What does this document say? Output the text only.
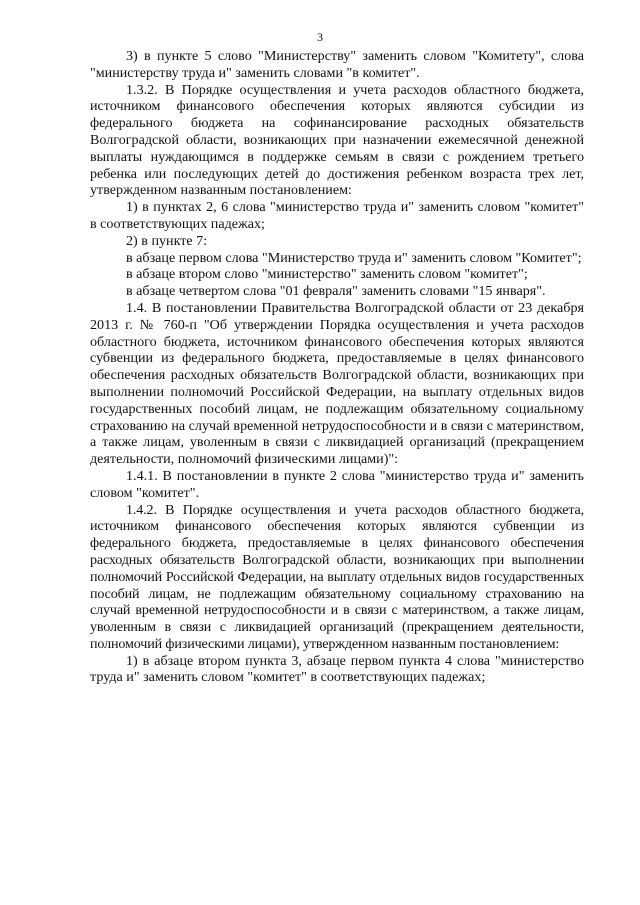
3

3) в пункте 5 слово "Министерству" заменить словом "Комитету", слова "министерству труда и" заменить словами "в комитет".

1.3.2. В Порядке осуществления и учета расходов областного бюджета, источником финансового обеспечения которых являются субсидии из федерального бюджета на софинансирование расходных обязательств Волгоградской области, возникающих при назначении ежемесячной денежной выплаты нуждающимся в поддержке семьям в связи с рождением третьего ребенка или последующих детей до достижения ребенком возраста трех лет, утвержденном названным постановлением:

1) в пунктах 2, 6 слова "министерство труда и" заменить словом "комитет" в соответствующих падежах;

2) в пункте 7:

в абзаце первом слова "Министерство труда и" заменить словом "Комитет";

в абзаце втором слово "министерство" заменить словом "комитет";

в абзаце четвертом слова "01 февраля" заменить словами "15 января".

1.4. В постановлении Правительства Волгоградской области от 23 декабря 2013 г. № 760-п "Об утверждении Порядка осуществления и учета расходов областного бюджета, источником финансового обеспечения которых являются субвенции из федерального бюджета, предоставляемые в целях финансового обеспечения расходных обязательств Волгоградской области, возникающих при выполнении полномочий Российской Федерации, на выплату отдельных видов государственных пособий лицам, не подлежащим обязательному социальному страхованию на случай временной нетрудоспособности и в связи с материнством, а также лицам, уволенным в связи с ликвидацией организаций (прекращением деятельности, полномочий физическими лицами)":

1.4.1. В постановлении в пункте 2 слова "министерство труда и" заменить словом "комитет".

1.4.2. В Порядке осуществления и учета расходов областного бюджета, источником финансового обеспечения которых являются субвенции из федерального бюджета, предоставляемые в целях финансового обеспечения расходных обязательств Волгоградской области, возникающих при выполнении полномочий Российской Федерации, на выплату отдельных видов государственных пособий лицам, не подлежащим обязательному социальному страхованию на случай временной нетрудоспособности и в связи с материнством, а также лицам, уволенным в связи с ликвидацией организаций (прекращением деятельности, полномочий физическими лицами), утвержденном названным постановлением:

1) в абзаце втором пункта 3, абзаце первом пункта 4 слова "министерство труда и" заменить словом "комитет" в соответствующих падежах;
